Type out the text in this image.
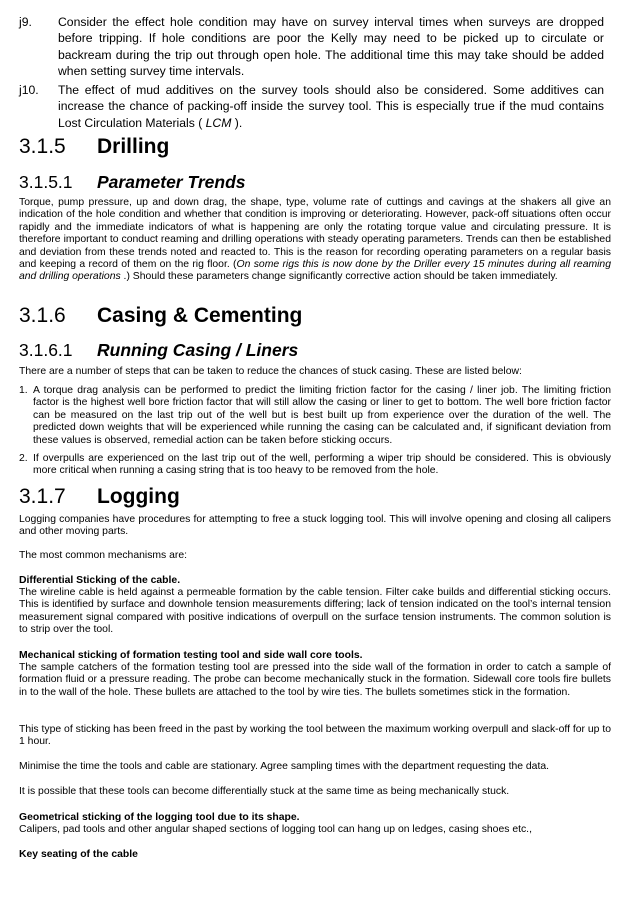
j9. Consider the effect hole condition may have on survey interval times when surveys are dropped before tripping. If hole conditions are poor the Kelly may need to be picked up to circulate or backream during the trip out through open hole. The additional time this may take should be added when setting survey time intervals.
j10. The effect of mud additives on the survey tools should also be considered. Some additives can increase the chance of packing-off inside the survey tool. This is especially true if the mud contains Lost Circulation Materials ( LCM ).
3.1.5 Drilling
3.1.5.1 Parameter Trends
Torque, pump pressure, up and down drag, the shape, type, volume rate of cuttings and cavings at the shakers all give an indication of the hole condition and whether that condition is improving or deteriorating. However, pack-off situations often occur rapidly and the immediate indicators of what is happening are only the rotating torque value and circulating pressure. It is therefore important to conduct reaming and drilling operations with steady operating parameters. Trends can then be established and deviation from these trends noted and reacted to. This is the reason for recording operating parameters on a regular basis and keeping a record of them on the rig floor. (On some rigs this is now done by the Driller every 15 minutes during all reaming and drilling operations .) Should these parameters change significantly corrective action should be taken immediately.
3.1.6 Casing & Cementing
3.1.6.1 Running Casing / Liners
There are a number of steps that can be taken to reduce the chances of stuck casing. These are listed below:
1. A torque drag analysis can be performed to predict the limiting friction factor for the casing / liner job. The limiting friction factor is the highest well bore friction factor that will still allow the casing or liner to get to bottom. The well bore friction factor can be measured on the last trip out of the well but is best built up from experience over the duration of the well. The predicted down weights that will be experienced while running the casing can be calculated and, if significant deviation from these values is observed, remedial action can be taken before sticking occurs.
2. If overpulls are experienced on the last trip out of the well, performing a wiper trip should be considered. This is obviously more critical when running a casing string that is too heavy to be removed from the hole.
3.1.7 Logging
Logging companies have procedures for attempting to free a stuck logging tool. This will involve opening and closing all calipers and other moving parts.
The most common mechanisms are:
Differential Sticking of the cable.
The wireline cable is held against a permeable formation by the cable tension. Filter cake builds and differential sticking occurs. This is identified by surface and downhole tension measurements differing; lack of tension indicated on the tool’s internal tension measurement signal compared with positive indications of overpull on the surface tension instruments. The common solution is to strip over the tool.
Mechanical sticking of formation testing tool and side wall core tools.
The sample catchers of the formation testing tool are pressed into the side wall of the formation in order to catch a sample of formation fluid or a pressure reading. The probe can become mechanically stuck in the formation. Sidewall core tools fire bullets in to the wall of the hole. These bullets are attached to the tool by wire ties. The bullets sometimes stick in the formation.
This type of sticking has been freed in the past by working the tool between the maximum working overpull and slack-off for up to 1 hour.
Minimise the time the tools and cable are stationary. Agree sampling times with the department requesting the data.
It is possible that these tools can become differentially stuck at the same time as being mechanically stuck.
Geometrical sticking of the logging tool due to its shape.
Calipers, pad tools and other angular shaped sections of logging tool can hang up on ledges, casing shoes etc.,
Key seating of the cable
